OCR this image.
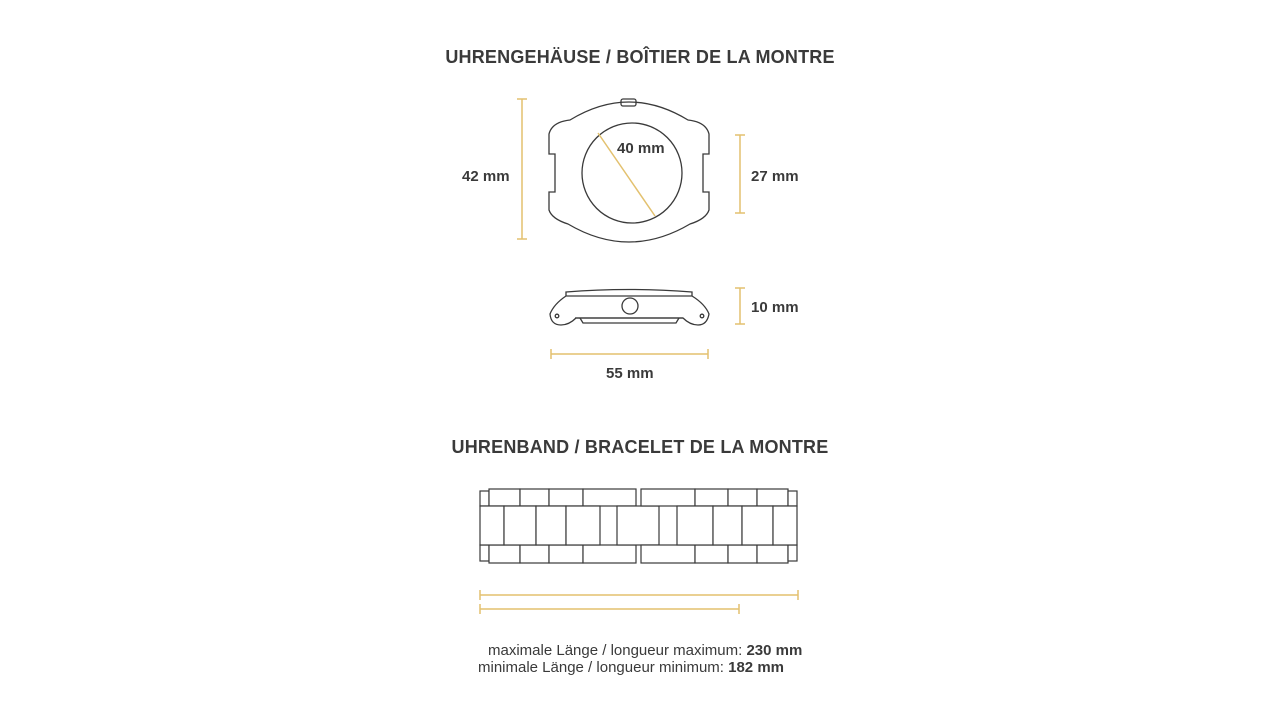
UHRENGEHÄUSE / BOÎTIER DE LA MONTRE
42 mm
40 mm
27 mm
10 mm
55 mm
UHRENBAND / BRACELET DE LA MONTRE
maximale Länge / longueur maximum: 230 mm
minimale Länge / longueur minimum: 182 mm
